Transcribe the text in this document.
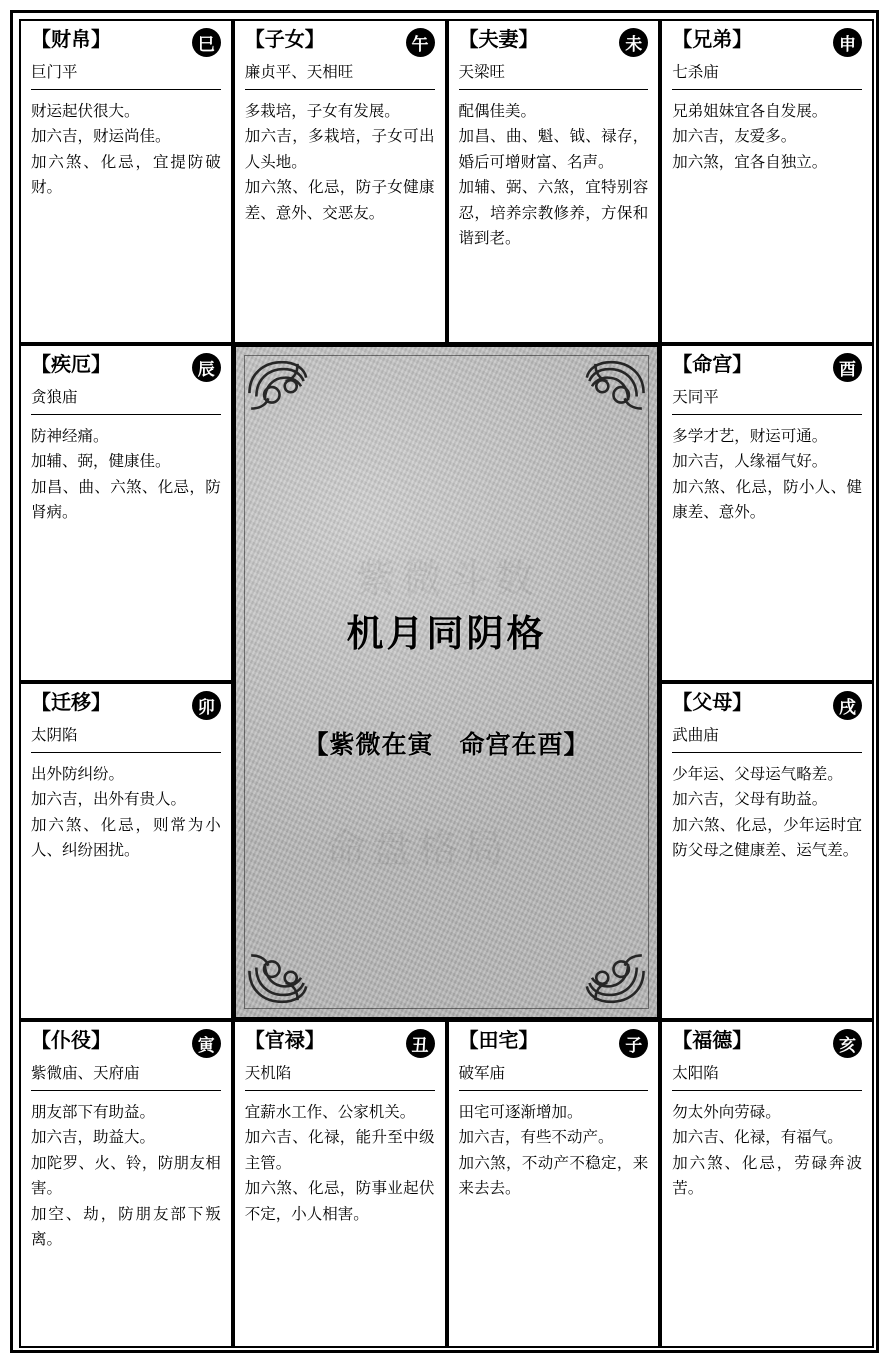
【财帛】	巳
巨门平

财运起伏很大。

加六吉，财运尚佳。

加六煞、化忌，宜提防破财。

【子女】	午
廉贞平、天相旺

多栽培，子女有发展。

加六吉，多栽培，子女可出人头地。

加六煞、化忌，防子女健康差、意外、交恶友。

【夫妻】	未
天梁旺

配偶佳美。

加昌、曲、魁、钺、禄存，婚后可增财富、名声。

加辅、弼、六煞，宜特别容忍，培养宗教修养，方保和谐到老。

【兄弟】	申
七杀庙

兄弟姐妹宜各自发展。

加六吉，友爱多。

加六煞，宜各自独立。

【疾厄】	辰
贪狼庙

防神经痛。

加辅、弼，健康佳。

加昌、曲、六煞、化忌，防肾病。

紫微斗数
命盘格局
机月同阴格
【紫微在寅　命宫在酉】
【命宫】	酉
天同平

多学才艺，财运可通。

加六吉，人缘福气好。

加六煞、化忌，防小人、健康差、意外。

【迁移】	卯
太阴陷

出外防纠纷。

加六吉，出外有贵人。

加六煞、化忌，则常为小人、纠纷困扰。

【父母】	戌
武曲庙

少年运、父母运气略差。

加六吉，父母有助益。

加六煞、化忌，少年运时宜防父母之健康差、运气差。

【仆役】	寅
紫微庙、天府庙

朋友部下有助益。

加六吉，助益大。

加陀罗、火、铃，防朋友相害。

加空、劫，防朋友部下叛离。

【官禄】	丑
天机陷

宜薪水工作、公家机关。

加六吉、化禄，能升至中级主管。

加六煞、化忌，防事业起伏不定，小人相害。

【田宅】	子
破军庙

田宅可逐渐增加。

加六吉，有些不动产。

加六煞，不动产不稳定，来来去去。

【福德】	亥
太阳陷

勿太外向劳碌。

加六吉、化禄，有福气。

加六煞、化忌，劳碌奔波苦。
